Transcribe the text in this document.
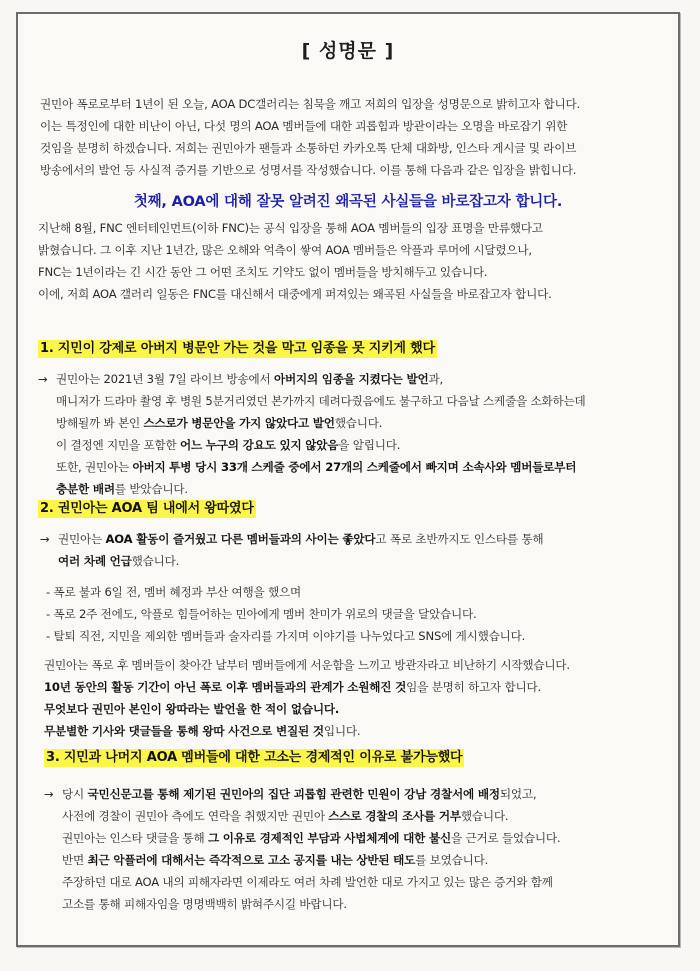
[ 성명문 ]
권민아 폭로로부터 1년이 된 오늘, AOA DC갤러리는 침묵을 깨고 저희의 입장을 성명문으로 밝히고자 합니다.
이는 특정인에 대한 비난이 아닌, 다섯 명의 AOA 멤버들에 대한 괴롭힘과 방관이라는 오명을 바로잡기 위한
것임을 분명히 하겠습니다. 저희는 권민아가 팬들과 소통하던 카카오톡 단체 대화방, 인스타 게시글 및 라이브
방송에서의 발언 등 사실적 증거를 기반으로 성명서를 작성했습니다. 이를 통해 다음과 같은 입장을 밝힙니다.
첫째, AOA에 대해 잘못 알려진 왜곡된 사실들을 바로잡고자 합니다.
지난해 8월, FNC 엔터테인먼트(이하 FNC)는 공식 입장을 통해 AOA 멤버들의 입장 표명을 만류했다고
밝혔습니다. 그 이후 지난 1년간, 많은 오해와 억측이 쌓여 AOA 멤버들은 악플과 루머에 시달렸으나,
FNC는 1년이라는 긴 시간 동안 그 어떤 조치도 기약도 없이 멤버들을 방치해두고 있습니다.
이에, 저희 AOA 갤러리 일동은 FNC를 대신해서 대중에게 퍼져있는 왜곡된 사실들을 바로잡고자 합니다.
1. 지민이 강제로 아버지 병문안 가는 것을 막고 임종을 못 지키게 했다
→ 권민아는 2021년 3월 7일 라이브 방송에서 아버지의 임종을 지켰다는 발언과,
매니저가 드라마 촬영 후 병원 5분거리였던 본가까지 데려다줬음에도 불구하고 다음날 스케줄을 소화하는데
방해될까 봐 본인 스스로가 병문안을 가지 않았다고 발언했습니다.
이 결정엔 지민을 포함한 어느 누구의 강요도 있지 않았음을 알립니다.
또한, 권민아는 아버지 투병 당시 33개 스케줄 중에서 27개의 스케줄에서 빠지며 소속사와 멤버들로부터
충분한 배려를 받았습니다.
2. 권민아는 AOA 팀 내에서 왕따였다
→ 권민아는 AOA 활동이 즐거웠고 다른 멤버들과의 사이는 좋았다고 폭로 초반까지도 인스타를 통해
여러 차례 언급했습니다.
- 폭로 불과 6일 전, 멤버 혜정과 부산 여행을 했으며
- 폭로 2주 전에도, 악플로 힘들어하는 민아에게 멤버 찬미가 위로의 댓글을 달았습니다.
- 탈퇴 직전, 지민을 제외한 멤버들과 술자리를 가지며 이야기를 나누었다고 SNS에 게시했습니다.
권민아는 폭로 후 멤버들이 찾아간 날부터 멤버들에게 서운함을 느끼고 방관자라고 비난하기 시작했습니다.
10년 동안의 활동 기간이 아닌 폭로 이후 멤버들과의 관계가 소원해진 것임을 분명히 하고자 합니다.
무엇보다 권민아 본인이 왕따라는 발언을 한 적이 없습니다.
무분별한 기사와 댓글들을 통해 왕따 사건으로 변질된 것입니다.
3. 지민과 나머지 AOA 멤버들에 대한 고소는 경제적인 이유로 불가능했다
→ 당시 국민신문고를 통해 제기된 권민아의 집단 괴롭힘 관련한 민원이 강남 경찰서에 배정되었고,
사전에 경찰이 권민아 측에도 연락을 취했지만 권민아 스스로 경찰의 조사를 거부했습니다.
권민아는 인스타 댓글을 통해 그 이유로 경제적인 부담과 사법체계에 대한 불신을 근거로 들었습니다.
반면 최근 악플러에 대해서는 즉각적으로 고소 공지를 내는 상반된 태도를 보였습니다.
주장하던 대로 AOA 내의 피해자라면 이제라도 여러 차례 발언한 대로 가지고 있는 많은 증거와 함께
고소를 통해 피해자임을 명명백백히 밝혀주시길 바랍니다.
